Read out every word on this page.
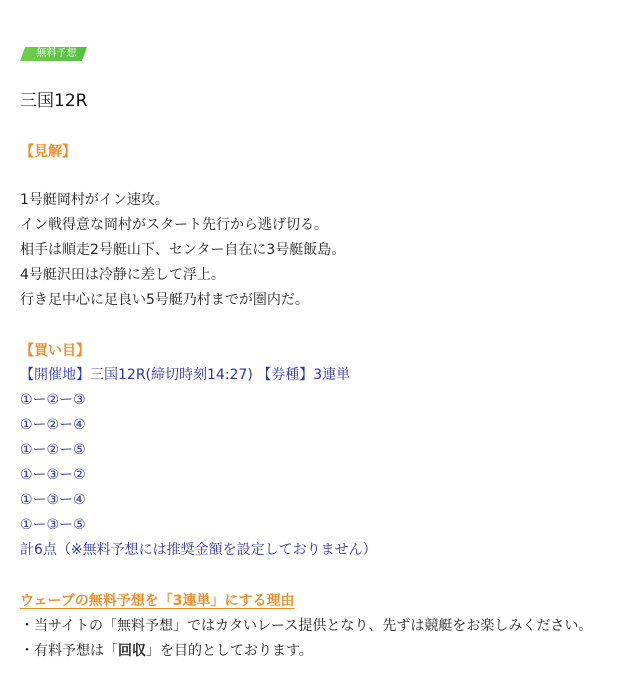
無料予想
三国12R
【見解】
1号艇岡村がイン速攻。
イン戦得意な岡村がスタート先行から逃げ切る。
相手は順走2号艇山下、センター自在に3号艇飯島。
4号艇沢田は冷静に差して浮上。
行き足中心に足良い5号艇乃村までが圏内だ。
【買い目】
【開催地】三国12R(締切時刻14:27) 【券種】3連単
①ー②ー③
①ー②ー④
①ー②ー⑤
①ー③ー②
①ー③ー④
①ー③ー⑤
計6点（※無料予想には推奨金額を設定しておりません）
ウェーブの無料予想を「3連単」にする理由
・当サイトの「無料予想」ではカタいレース提供となり、先ずは競艇をお楽しみください。
・有料予想は「回収」を目的としております。
